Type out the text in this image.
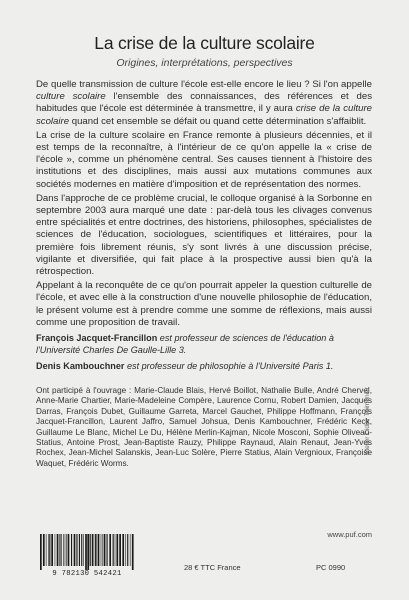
La crise de la culture scolaire
Origines, interprétations, perspectives

De quelle transmission de culture l'école est-elle encore le lieu ? Si l'on appelle culture scolaire l'ensemble des connaissances, des références et des habitudes que l'école est déterminée à transmettre, il y aura crise de la culture scolaire quand cet ensemble se défait ou quand cette détermination s'affaiblit.

La crise de la culture scolaire en France remonte à plusieurs décennies, et il est temps de la reconnaître, à l'intérieur de ce qu'on appelle la « crise de l'école », comme un phénomène central. Ses causes tiennent à l'histoire des institutions et des disciplines, mais aussi aux mutations communes aux sociétés modernes en matière d'imposition et de représentation des normes.

Dans l'approche de ce problème crucial, le colloque organisé à la Sorbonne en septembre 2003 aura marqué une date : par-delà tous les clivages convenus entre spécialités et entre doctrines, des historiens, philosophes, spécialistes de sciences de l'éducation, sociologues, scientifiques et littéraires, pour la première fois librement réunis, s'y sont livrés à une discussion précise, vigilante et diversifiée, qui fait place à la prospective aussi bien qu'à la rétrospection.

Appelant à la reconquête de ce qu'on pourrait appeler la question culturelle de l'école, et avec elle à la construction d'une nouvelle philosophie de l'éducation, le présent volume est à prendre comme une somme de réflexions, mais aussi comme une proposition de travail.

François Jacquet-Francillon est professeur de sciences de l'éducation à l'Université Charles De Gaulle-Lille 3.

Denis Kambouchner est professeur de philosophie à l'Université Paris 1.

Ont participé à l'ouvrage : Marie-Claude Blais, Hervé Boillot, Nathalie Bulle, André Chervel, Anne-Marie Chartier, Marie-Madeleine Compère, Laurence Cornu, Robert Damien, Jacques Darras, François Dubet, Guillaume Garreta, Marcel Gauchet, Philippe Hoffmann, François Jacquet-Francillon, Laurent Jaffro, Samuel Johsua, Denis Kambouchner, Frédéric Keck, Guillaume Le Blanc, Michel Le Du, Hélène Merlin-Kajman, Nicole Mosconi, Sophie Oliveau-Statius, Antoine Prost, Jean-Baptiste Rauzy, Philippe Raynaud, Alain Renaut, Jean-Yves Rochex, Jean-Michel Salanskis, Jean-Luc Solère, Pierre Statius, Alain Vergnioux, Françoise Waquet, Frédéric Worms.

Atelier Didier Thimonier
9 782130 542421
www.puf.com
28 € TTC France	PC 0990
